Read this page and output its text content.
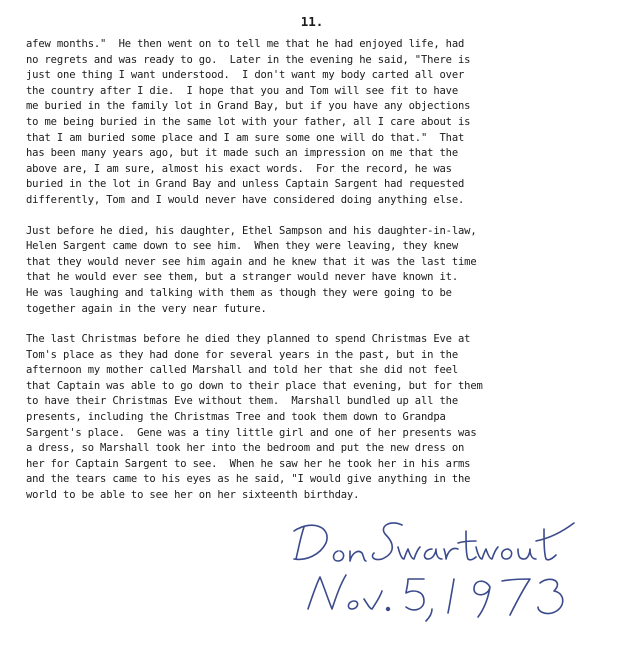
11.

afew months."  He then went on to tell me that he had enjoyed life, had

no regrets and was ready to go.  Later in the evening he said, "There is

just one thing I want understood.  I don't want my body carted all over

the country after I die.  I hope that you and Tom will see fit to have

me buried in the family lot in Grand Bay, but if you have any objections

to me being buried in the same lot with your father, all I care about is

that I am buried some place and I am sure some one will do that."  That

has been many years ago, but it made such an impression on me that the

above are, I am sure, almost his exact words.  For the record, he was

buried in the lot in Grand Bay and unless Captain Sargent had requested

differently, Tom and I would never have considered doing anything else.

Just before he died, his daughter, Ethel Sampson and his daughter-in-law,

Helen Sargent came down to see him.  When they were leaving, they knew

that they would never see him again and he knew that it was the last time

that he would ever see them, but a stranger would never have known it.

He was laughing and talking with them as though they were going to be

together again in the very near future.

The last Christmas before he died they planned to spend Christmas Eve at

Tom's place as they had done for several years in the past, but in the

afternoon my mother called Marshall and told her that she did not feel

that Captain was able to go down to their place that evening, but for them

to have their Christmas Eve without them.  Marshall bundled up all the

presents, including the Christmas Tree and took them down to Grandpa

Sargent's place.  Gene was a tiny little girl and one of her presents was

a dress, so Marshall took her into the bedroom and put the new dress on

her for Captain Sargent to see.  When he saw her he took her in his arms

and the tears came to his eyes as he said, "I would give anything in the

world to be able to see her on her sixteenth birthday.
